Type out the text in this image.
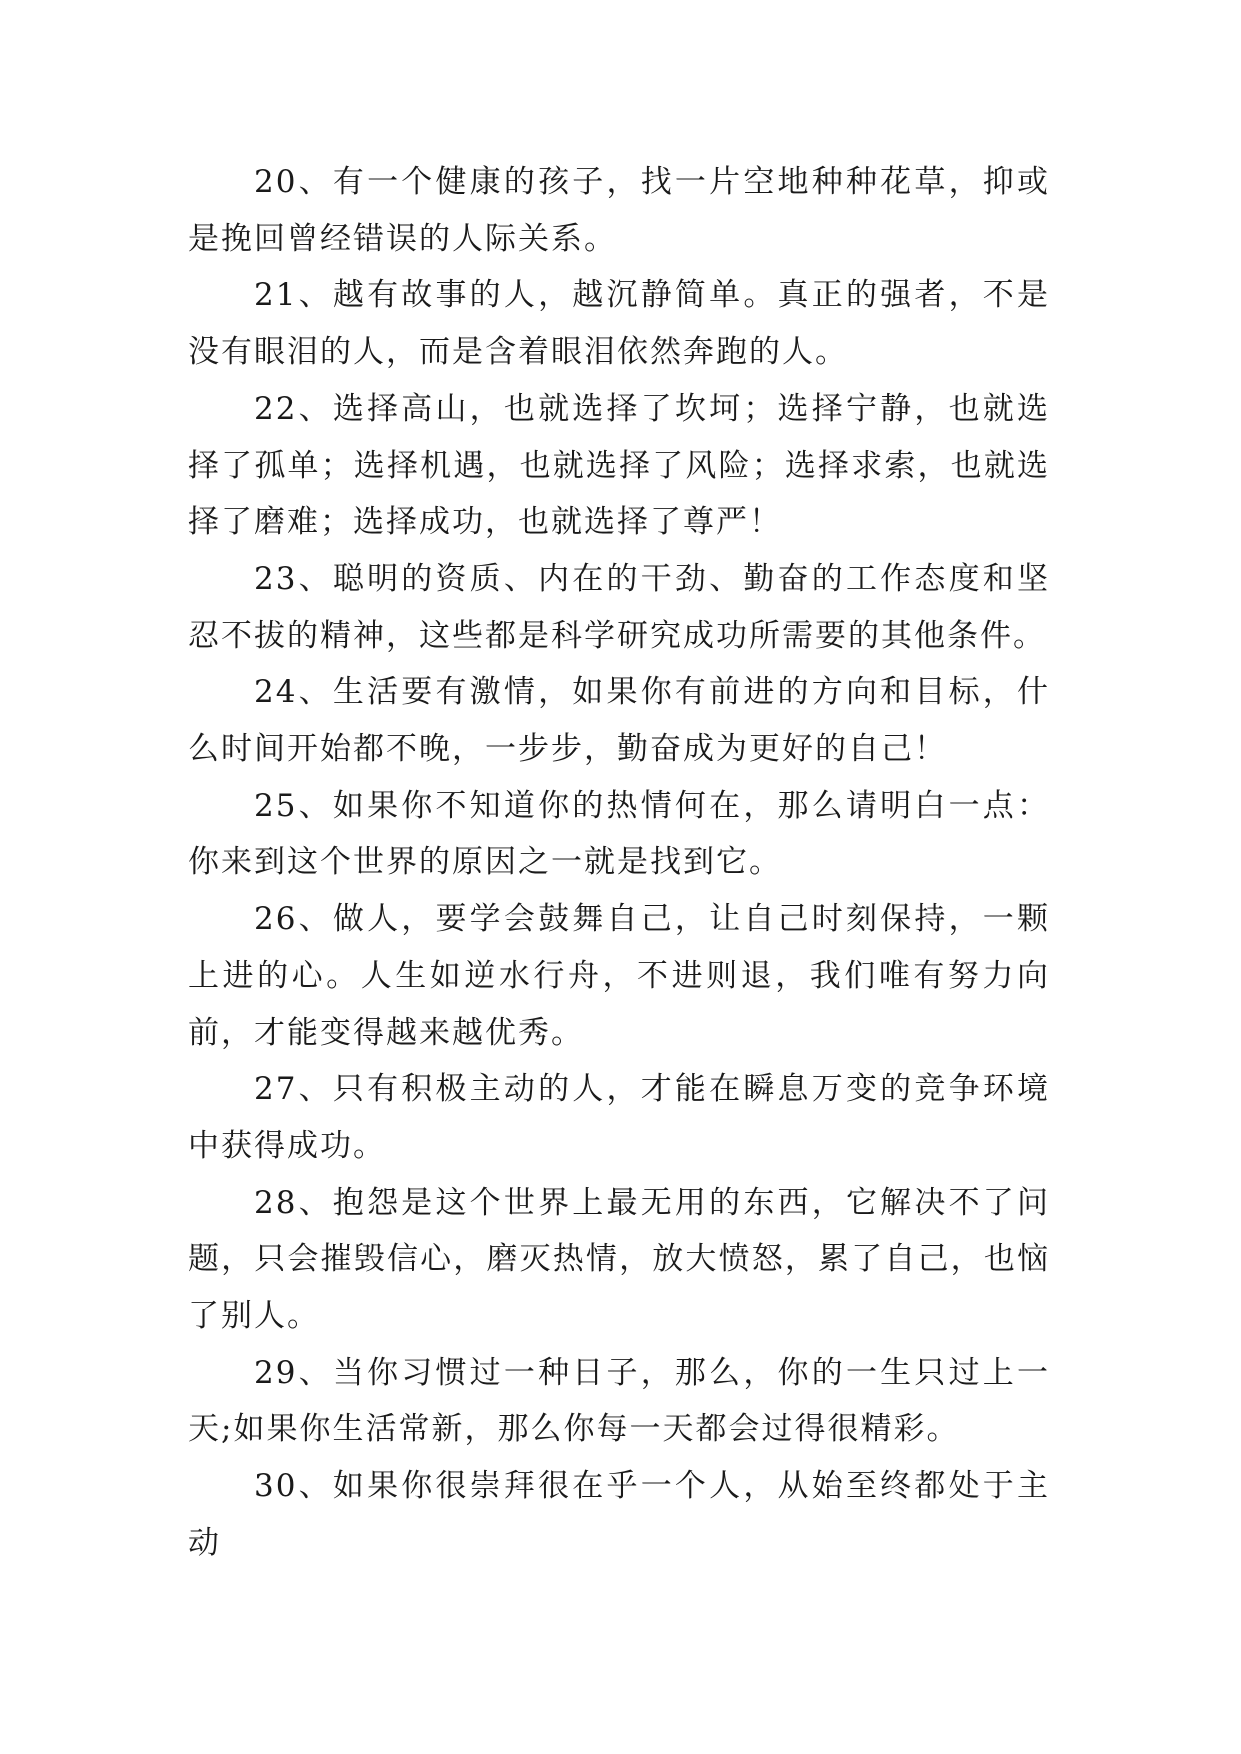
20、有一个健康的孩子，找一片空地种种花草，抑或是挽回曾经错误的人际关系。

21、越有故事的人，越沉静简单。真正的强者，不是没有眼泪的人，而是含着眼泪依然奔跑的人。

22、选择高山，也就选择了坎坷；选择宁静，也就选择了孤单；选择机遇，也就选择了风险；选择求索，也就选择了磨难；选择成功，也就选择了尊严！

23、聪明的资质、内在的干劲、勤奋的工作态度和坚忍不拔的精神，这些都是科学研究成功所需要的其他条件。

24、生活要有激情，如果你有前进的方向和目标，什么时间开始都不晚，一步步，勤奋成为更好的自己！

25、如果你不知道你的热情何在，那么请明白一点：你来到这个世界的原因之一就是找到它。

26、做人，要学会鼓舞自己，让自己时刻保持，一颗上进的心。人生如逆水行舟，不进则退，我们唯有努力向前，才能变得越来越优秀。

27、只有积极主动的人，才能在瞬息万变的竞争环境中获得成功。

28、抱怨是这个世界上最无用的东西，它解决不了问题，只会摧毁信心，磨灭热情，放大愤怒，累了自己，也恼了别人。

29、当你习惯过一种日子，那么，你的一生只过上一天;如果你生活常新，那么你每一天都会过得很精彩。

30、如果你很崇拜很在乎一个人，从始至终都处于主动
